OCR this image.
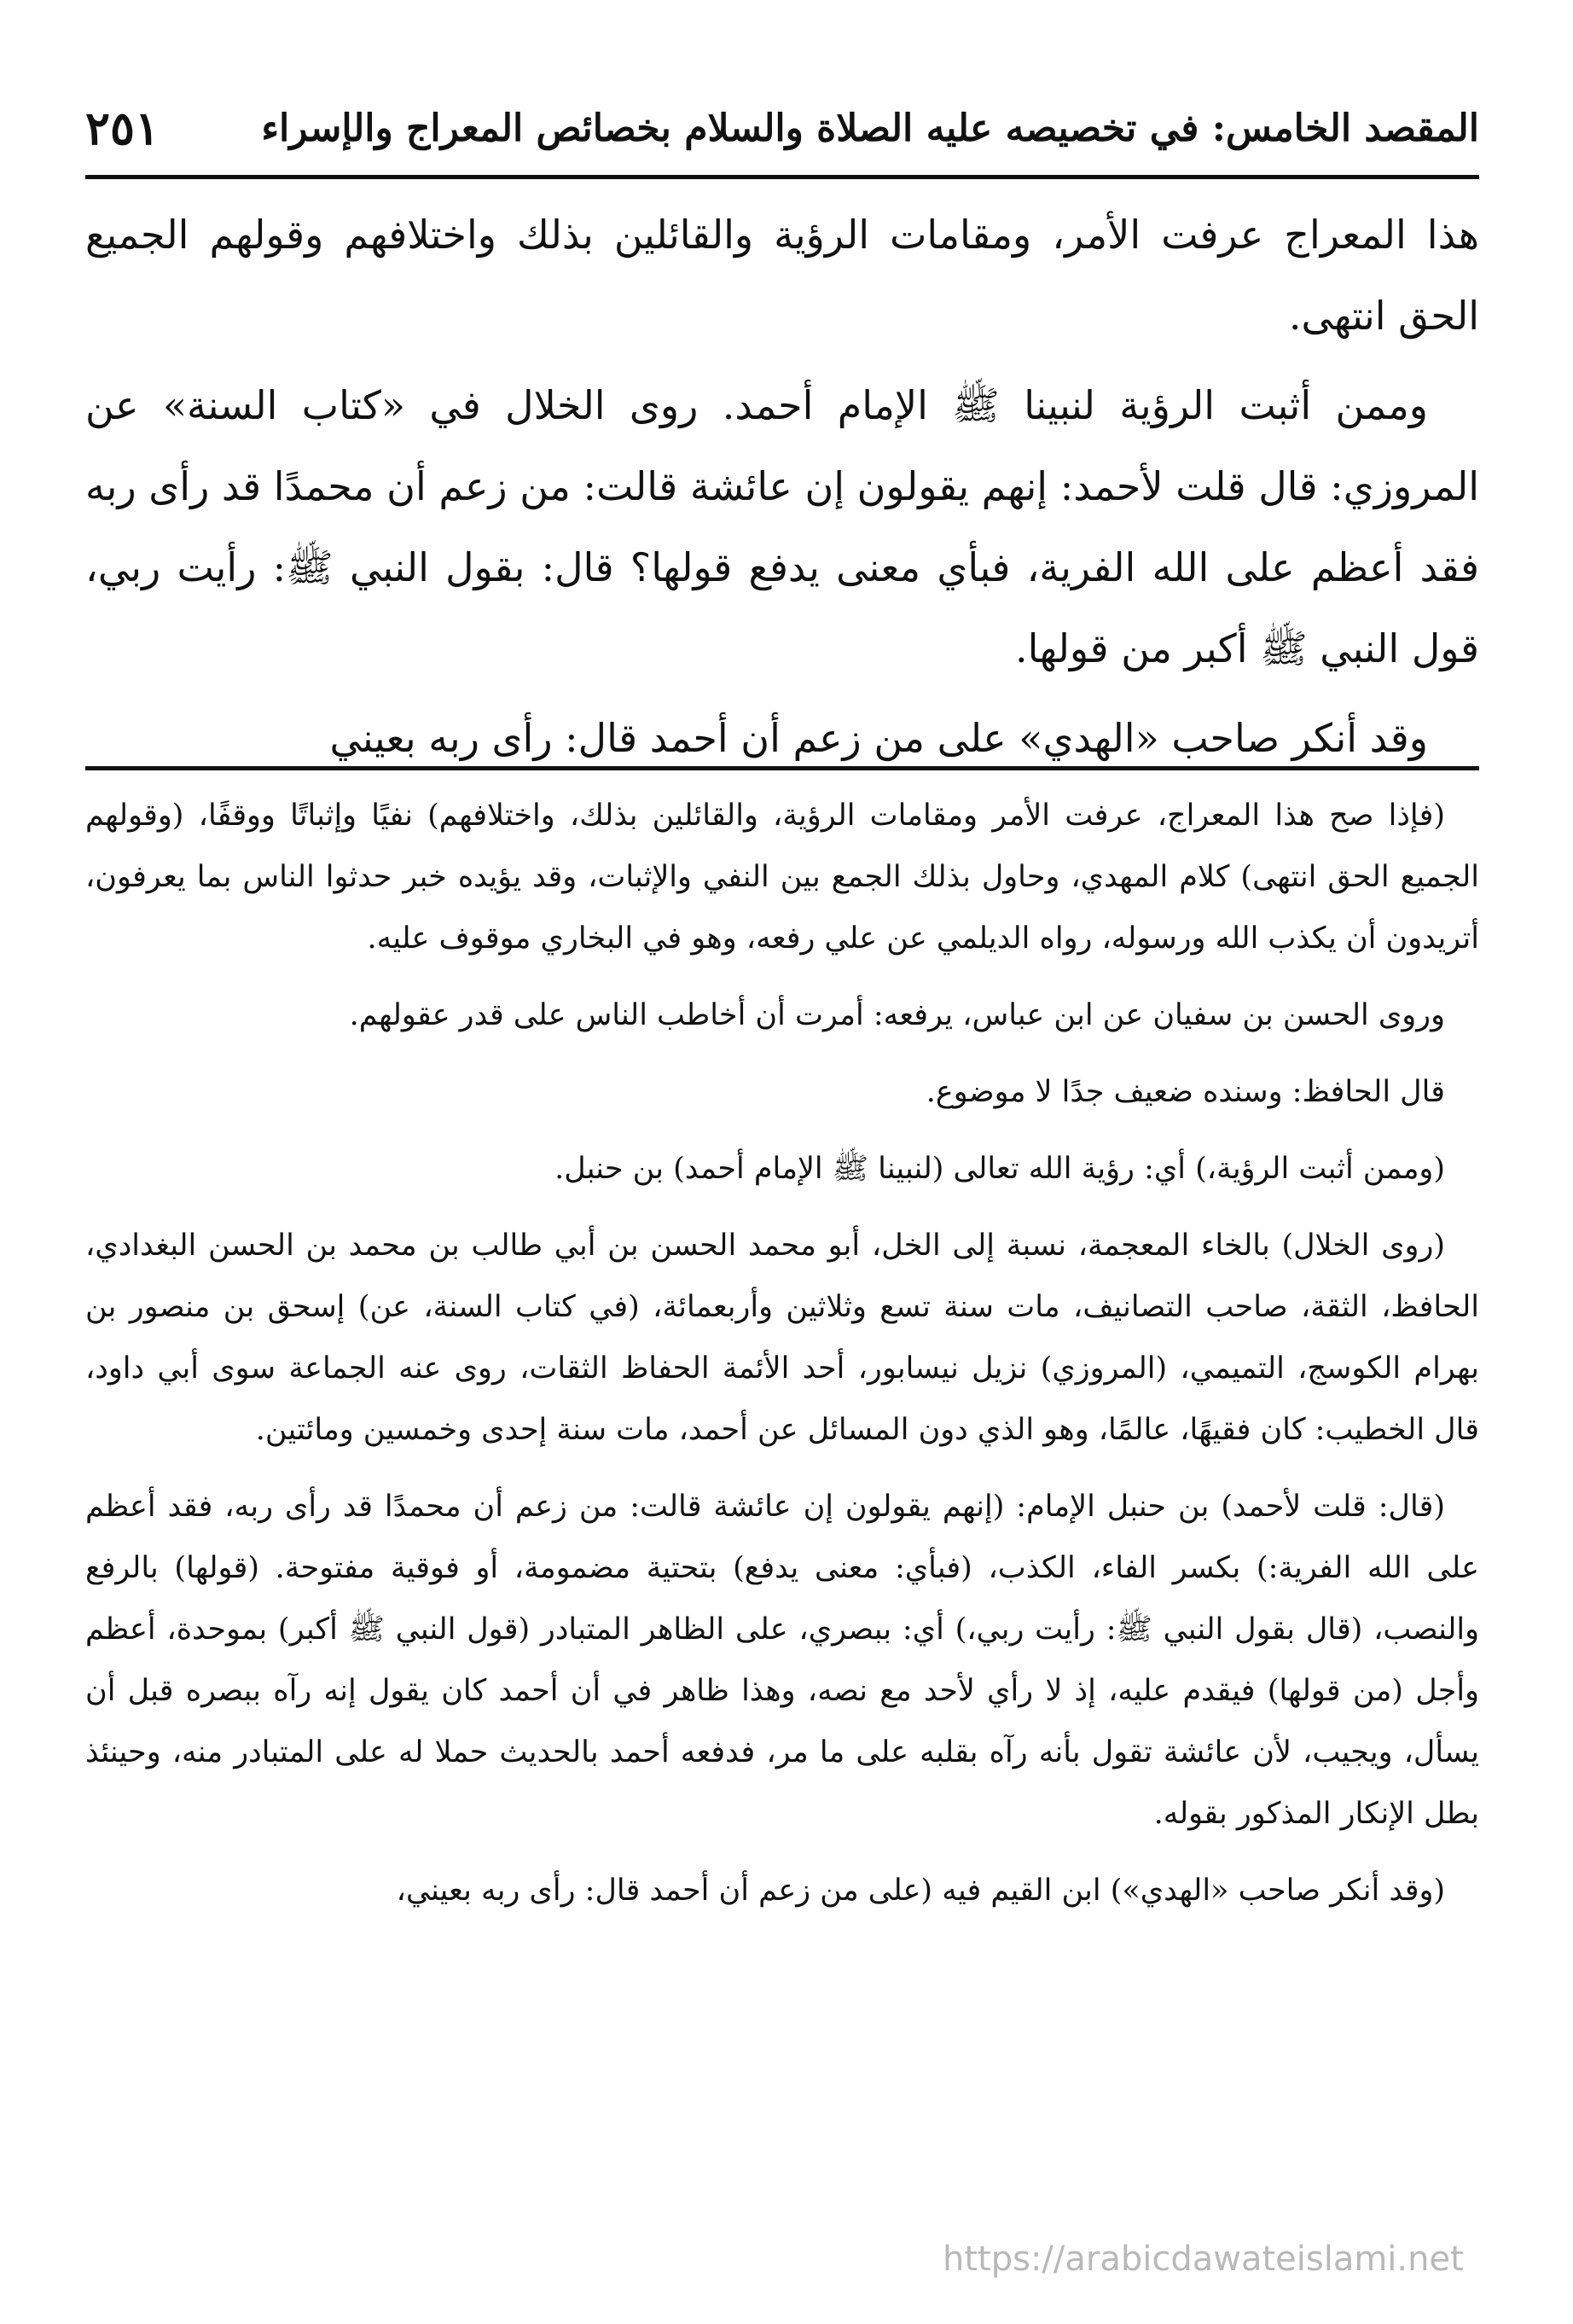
المقصد الخامس: في تخصيصه عليه الصلاة والسلام بخصائص المعراج والإسراء
٢٥١

هذا المعراج عرفت الأمر، ومقامات الرؤية والقائلين بذلك واختلافهم وقولهم الجميع الحق انتهى.

وممن أثبت الرؤية لنبينا ﷺ الإمام أحمد. روى الخلال في «كتاب السنة» عن المروزي: قال قلت لأحمد: إنهم يقولون إن عائشة قالت: من زعم أن محمدًا قد رأى ربه فقد أعظم على الله الفرية، فبأي معنى يدفع قولها؟ قال: بقول النبي ﷺ: رأيت ربي، قول النبي ﷺ أكبر من قولها.

وقد أنكر صاحب «الهدي» على من زعم أن أحمد قال: رأى ربه بعيني

(فإذا صح هذا المعراج، عرفت الأمر ومقامات الرؤية، والقائلين بذلك، واختلافهم) نفيًا وإثباتًا ووقفًا، (وقولهم الجميع الحق انتهى) كلام المهدي، وحاول بذلك الجمع بين النفي والإثبات، وقد يؤيده خبر حدثوا الناس بما يعرفون، أتريدون أن يكذب الله ورسوله، رواه الديلمي عن علي رفعه، وهو في البخاري موقوف عليه.

وروى الحسن بن سفيان عن ابن عباس، يرفعه: أمرت أن أخاطب الناس على قدر عقولهم.

قال الحافظ: وسنده ضعيف جدًا لا موضوع.

(وممن أثبت الرؤية،) أي: رؤية الله تعالى (لنبينا ﷺ الإمام أحمد) بن حنبل.

(روى الخلال) بالخاء المعجمة، نسبة إلى الخل، أبو محمد الحسن بن أبي طالب بن محمد بن الحسن البغدادي، الحافظ، الثقة، صاحب التصانيف، مات سنة تسع وثلاثين وأربعمائة، (في كتاب السنة، عن) إسحق بن منصور بن بهرام الكوسج، التميمي، (المروزي) نزيل نيسابور، أحد الأئمة الحفاظ الثقات، روى عنه الجماعة سوى أبي داود، قال الخطيب: كان فقيهًا، عالمًا، وهو الذي دون المسائل عن أحمد، مات سنة إحدى وخمسين ومائتين.

(قال: قلت لأحمد) بن حنبل الإمام: (إنهم يقولون إن عائشة قالت: من زعم أن محمدًا قد رأى ربه، فقد أعظم على الله الفرية:) بكسر الفاء، الكذب، (فبأي: معنى يدفع) بتحتية مضمومة، أو فوقية مفتوحة. (قولها) بالرفع والنصب، (قال بقول النبي ﷺ: رأيت ربي،) أي: ببصري، على الظاهر المتبادر (قول النبي ﷺ أكبر) بموحدة، أعظم وأجل (من قولها) فيقدم عليه، إذ لا رأي لأحد مع نصه، وهذا ظاهر في أن أحمد كان يقول إنه رآه ببصره قبل أن يسأل، ويجيب، لأن عائشة تقول بأنه رآه بقلبه على ما مر، فدفعه أحمد بالحديث حملا له على المتبادر منه، وحينئذ بطل الإنكار المذكور بقوله.

(وقد أنكر صاحب «الهدي») ابن القيم فيه (على من زعم أن أحمد قال: رأى ربه بعيني،

https://arabicdawateislami.net
